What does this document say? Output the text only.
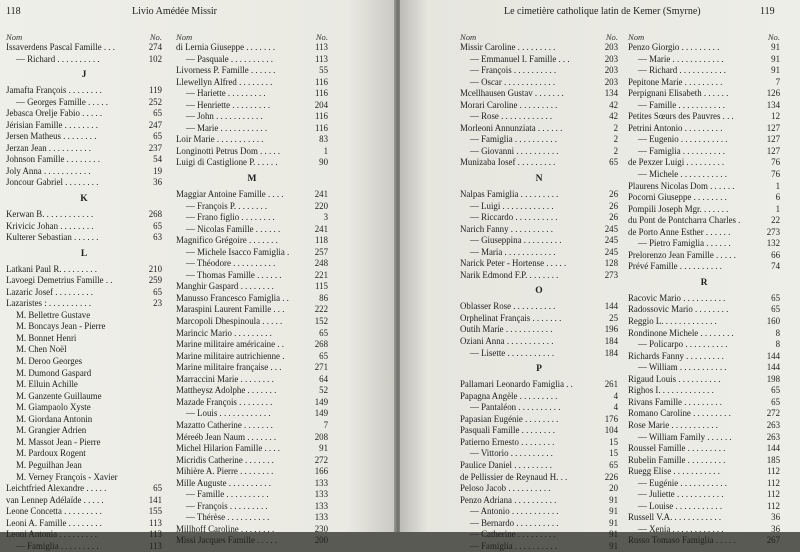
118	Livio Amédée Missir
Nom	No.
Issaverdens Pascal Famille . . .	274
— Richard . . . . . . . . . .	102
J
Jamafta François . . . . . . . .	119
— Georges Famille . . . . .	252
Jebasca Orelje Fabio . . . . .	65
Jérisian Famille . . . . . . . .	247
Jersen Matheus . . . . . . . .	65
Jerzan Jean . . . . . . . . . .	237
Johnson Famille . . . . . . . .	54
Joly Anna . . . . . . . . . . .	19
Joncour Gabriel . . . . . . . .	36
K
Kerwan B. . . . . . . . . . . .	268
Krivicic Johan . . . . . . . .	65
Kulterer Sebastian . . . . . .	63
L
Latkani Paul R. . . . . . . . .	210
Lavoegi Demetrius Famille . .	259
Lazaric Josef . . . . . . . . .	65
Lazaristes : . . . . . . . . . .	23
M. Bellettre Gustave
M. Boncays Jean - Pierre
M. Bonnet Henri
M. Chen Noël
M. Deroo Georges
M. Dumond Gaspard
M. Elluin Achille
M. Ganzente Guillaume
M. Giampaolo Xyste
M. Giordana Antonin
M. Grangier Adrien
M. Massot Jean - Pierre
M. Pardoux Rogent
M. Peguilhan Jean
M. Verney François - Xavier
Leichtfried Alexandre . . . . .	65
van Lennep Adélaïde . . . . .	141
Leone Concetta . . . . . . . . .	155
Leoni A. Famille . . . . . . . .	113
Leoni Antonia . . . . . . . . .	113
— Famiglia . . . . . . . . .	113
Nom	No.
di Lernia Giuseppe . . . . . . .	113
— Pasquale . . . . . . . . . .	113
Livorness P. Famille . . . . . .	55
Llewellyn Alfred . . . . . . . .	116
— Hariette . . . . . . . . .	116
— Henriette . . . . . . . . .	204
— John . . . . . . . . . . .	116
— Marie . . . . . . . . . . .	116
Loir Marie . . . . . . . . . . .	83
Longinotti Petrus Dom . . . . .	1
Luigi di Castiglione P. . . . . .	90
M
Maggiar Antoine Famille . . . .	241
— François P. . . . . . . .	220
— Frano figlio . . . . . . . .	3
— Nicolas Famille . . . . . .	241
Magnifico Grégoire . . . . . . .	118
— Michele Isacco Famiglia .	257
— Théodore . . . . . . . . . .	248
— Thomas Famille . . . . . .	221
Manghir Gaspard . . . . . . . .	115
Manusso Francesco Famiglia . .	86
Maraspini Laurent Famille . . .	222
Marcopoli Dhespinoula . . . . .	152
Marincic Mario . . . . . . . . .	65
Marine militaire américaine . .	268
Marine militaire autrichienne .	65
Marine militaire française . . .	271
Marraccini Marie . . . . . . . .	64
Mattheysz Adolphe . . . . . . .	52
Mazade François . . . . . . . .	149
— Louis . . . . . . . . . . . .	149
Mazatto Catherine . . . . . . .	7
Méreéb Jean Naum . . . . . . .	208
Michel Hilarion Famille . . . .	91
Micridis Catherine . . . . . . .	272
Mihière A. Pierre . . . . . . . .	166
Mille Auguste . . . . . . . . . .	133
— Famille . . . . . . . . . .	133
— François . . . . . . . . .	133
— Thérèse . . . . . . . . . .	133
Millhoff Caroline . . . . . . . .	230
Missi Jacques Famille . . . . .	200
Le cimetière catholique latin de Kemer (Smyrne)	119
Nom	No.
Missir Caroline . . . . . . . . .	203
— Emmanuel I. Famille . . .	203
— François . . . . . . . . . .	203
— Oscar . . . . . . . . . . . .	203
Mcellhausen Gustav . . . . . . .	134
Morari Caroline . . . . . . . . .	42
— Rose . . . . . . . . . . . .	42
Morleoni Annunziata . . . . . .	2
— Famiglia . . . . . . . . . .	2
— Giovanni . . . . . . . . . .	2
Munizaba Iosef . . . . . . . . .	65
N
Nalpas Famiglia . . . . . . . . .	26
— Luigi . . . . . . . . . . . .	26
— Riccardo . . . . . . . . . .	26
Narich Fanny . . . . . . . . . .	245
— Giuseppina . . . . . . . . .	245
— Maria . . . . . . . . . . . .	245
Narick Peter - Hortense . . . . .	128
Narik Edmond F.P. . . . . . . .	273
O
Oblasser Rose . . . . . . . . . .	144
Orphelinat Français . . . . . . .	25
Outih Marie . . . . . . . . . . .	196
Oziani Anna . . . . . . . . . . .	184
— Lisette . . . . . . . . . . .	184
P
Pallamari Leonardo Famiglia . .	261
Papagna Angèle . . . . . . . . .	4
— Pantaléon . . . . . . . . . .	4
Papasian Eugénie . . . . . . . .	176
Pasquali Famille . . . . . . . .	104
Patierno Ernesto . . . . . . . .	15
— Vittorio . . . . . . . . . .	15
Paulice Daniel . . . . . . . . .	65
de Pellissier de Reynaud H. . .	226
Peloso Jacob . . . . . . . . . .	20
Penzo Adriana . . . . . . . . . .	91
— Antonio . . . . . . . . . . .	91
— Bernardo . . . . . . . . . .	91
— Catherine . . . . . . . . .	91
— Famiglia . . . . . . . . . .	91
Nom	No.
Penzo Giorgio . . . . . . . . .	91
— Marie . . . . . . . . . . . .	91
— Richard . . . . . . . . . . .	91
Pepitone Marie . . . . . . . . .	7
Perpignani Elisabeth . . . . . .	126
— Famille . . . . . . . . . . .	134
Petites Sœurs des Pauvres . . .	12
Petrini Antonio . . . . . . . . .	127
— Eugenio . . . . . . . . . . .	127
— Famiglia . . . . . . . . . .	127
de Pexzer Luigi . . . . . . . . .	76
— Michele . . . . . . . . . . .	76
Plaurens Nicolas Dom . . . . . .	1
Pocorni Giuseppe . . . . . . . .	6
Pompili Joseph Mgr. . . . . . .	1
du Pont de Pontcharra Charles .	22
de Porto Anne Esther . . . . . .	273
— Pietro Famiglia . . . . . .	132
Prelorenzo Jean Famille . . . . .	66
Prévé Famille . . . . . . . . . .	74
R
Racovic Mario . . . . . . . . . .	65
Radossovic Mario . . . . . . . .	65
Reggio L. . . . . . . . . . . . .	160
Rondinone Michele . . . . . . . .	8
— Policarpo . . . . . . . . . .	8
Richards Fanny . . . . . . . . .	144
— William . . . . . . . . . . .	144
Rigaud Louis . . . . . . . . . .	198
Righos I. . . . . . . . . . . . .	65
Rivans Famille . . . . . . . . .	65
Romano Caroline . . . . . . . . .	272
Rose Marie . . . . . . . . . . .	263
— William Family . . . . . .	263
Roussel Famille . . . . . . . . .	144
Rubelin Famille . . . . . . . . .	185
Ruegg Elise . . . . . . . . . . .	112
— Eugénie . . . . . . . . . . .	112
— Juliette . . . . . . . . . . .	112
— Louise . . . . . . . . . . .	112
Russell V.A. . . . . . . . . . . .	36
— Xenia . . . . . . . . . . . .	36
Russo Tomaso Famiglia . . . . .	267
